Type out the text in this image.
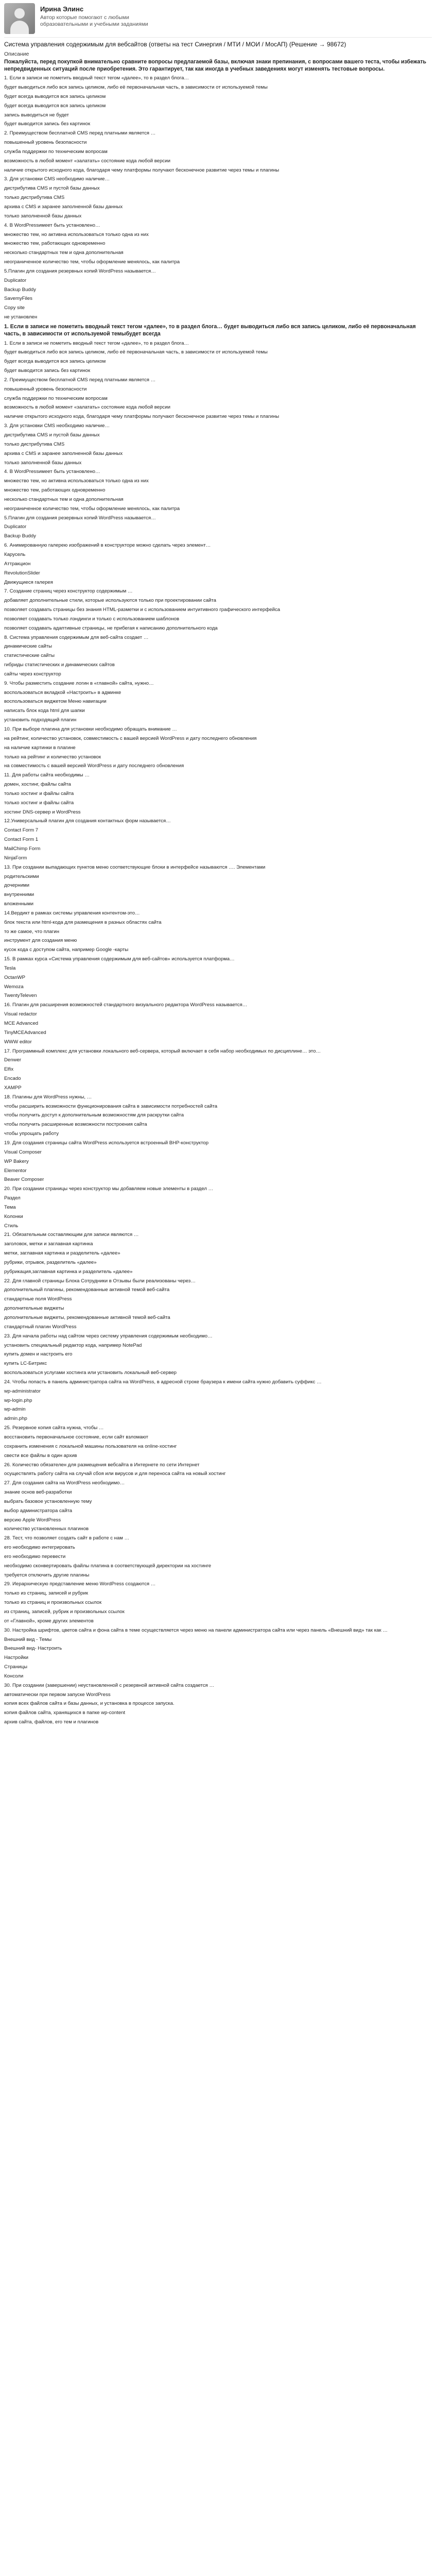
Ирина Элинс
Автор которые помогают с любыми образовательными и учебными заданиями
Система управления содержимым для вебсайтов (ответы на тест Синергия / МТИ / МОИ / МосАП) (Решение → 98672)
Описание

Пожалуйста, перед покупкой внимательно сравните вопросы предлагаемой базы, включая знаки препинания, с вопросами вашего теста, чтобы избежать непредвиденных ситуаций после приобретения. Это гарантирует, так как иногда в учебных заведениях могут изменять тестовые вопросы.

1. Если в записи не пометить вводный текст тегом «далее», то в раздел блога…

будет выводиться либо вся запись целиком, либо её первоначальная часть, в зависимости от используемой темы

будет всегда выводится вся запись целиком

будет всегда выводится вся запись целиком

запись выводиться не будет

будет выводится запись без картинок

2. Преимуществом бесплатной CMS перед платными является …

повышенный уровень безопасности

служба поддержки по техническим вопросам

возможность в любой момент «залатать» состояние кода любой версии

наличие открытого исходного кода, благодаря чему платформы получают бесконечное развитие через темы и плагины

3. Для установки CMS необходимо наличие…

дистрибутива CMS и пустой базы данных

только дистрибутива CMS

архива с CMS и заранее заполненной базы данных

только заполненной базы данных

4. В WordPressимеет быть установлено…

множество тем, но активна использоваться только одна из них

множество тем, работающих одновременно

несколько стандартных тем и одна дополнительная

неограниченное количество тем, чтобы оформление менялось, как палитра

5.Плагин для создания резервных копий WordPress называется…

Duplicator

Backup Buddy

SavemyFiles

Copy site

не установлен

1. Если в записи не пометить вводный текст тегом «далее», то в раздел блога… будет выводиться либо вся запись целиком, либо её первоначальная часть, в зависимости от используемой темыбудет всегда

1. Если в записи не пометить вводный текст тегом «далее», то в раздел блога…

будет выводиться либо вся запись целиком, либо её первоначальная часть, в зависимости от используемой темы

будет всегда выводится вся запись целиком

будет выводится запись без картинок

2. Преимуществом бесплатной CMS перед платными является …

повышенный уровень безопасности

служба поддержки по техническим вопросам

возможность в любой момент «залатать» состояние кода любой версии

наличие открытого исходного кода, благодаря чему платформы получают бесконечное развитие через темы и плагины

3. Для установки CMS необходимо наличие…

дистрибутива CMS и пустой базы данных

только дистрибутива CMS

архива с CMS и заранее заполненной базы данных

только заполненной базы данных

4. В WordPressимеет быть установлено…

множество тем, но активна использоваться только одна из них

множество тем, работающих одновременно

несколько стандартных тем и одна дополнительная

неограниченное количество тем, чтобы оформление менялось, как палитра

5.Плагин для создания резервных копий WordPress называется…

Duplicator

Backup Buddy

6. Анимированную галерею изображений в конструкторе можно сделать через элемент…

Карусель

Аттракцион

RevolutionSlider

Движущиеся галерея

7. Создание страниц через конструктор содержимым …

добавляет дополнительные стили, которые используются только при проектировании сайта

позволяет создавать страницы без знания HTML-разметки и с использованием интуитивного графического интерфейса

позволяет создавать только лэндинги и только с использованием шаблонов

позволяет создавать адаптивные страницы, не прибегая к написанию дополнительного кода

8. Система управления содержимым для веб-сайта создает …

динамические сайты

статистические сайты

гибриды статистических и динамических сайтов

сайты через конструктор

9. Чтобы разместить создание логин в «главной» сайта, нужно…

воспользоваться вкладкой «Настроить» в админке

воспользоваться виджетом Меню навигации

написать блок кода html для шапки

установить подходящий плагин

10. При выборе плагина для установки необходимо обращать внимание …

на рейтинг, количество установок, совместимость с вашей версией WordPress и дату последнего обновления

на наличие картинки в плагине

только на рейтинг и количество установок

на совместимость с вашей версией WordPress и дату последнего обновления

11. Для работы сайта необходимы …

домен, хостинг, файлы сайта

только хостинг и файлы сайта

только хостинг и файлы сайта

хостинг DNS-сервер и WordPress

12.Универсальный плагин для создания контактных форм называется…

Contact Form 7

Contact Form 1

MailChimp Form

NinjaForm

13. При создании выпадающих пунктов меню соответствующие блоки в интерфейсе называются …. Элементами

родительскими

дочерними

внутренними

вложенными

14.Вердикт в рамках системы управления контентом-это…

блок текста или html-кода для размещения в разных областях сайта

то же самое, что плагин

инструмент для создания меню

кусок кода с доступом сайта, например Google -карты

15. В рамках курса «Система управления содержимым для веб-сайтов» используется платформа…

Tesla

OctanWP

Wemoza

TwentyTeleven

16. Плагин для расширения возможностей стандартного визуального редактора WordPress называется…

Visual redactor

MCE Advanced

TinyMCEAdvanced

WWW editor

17. Программный комплекс для установки локального веб-сервера, который включает в себя набор необходимых по дисциплине… это…

Denwer

Elfix

Encado

XAMPP

18. Плагины для WordPress нужны, …

чтобы расширить возможности функционирования сайта в зависимости потребностей сайта

чтобы получить доступ к дополнительным возможностям для раскрутки сайта

чтобы получить расширенные возможности построения сайта

чтобы упрощать работу

19. Для создания страницы сайта WordPress используется встроенный ВНР-конструктор

Visual Composer

WP Bakery

Elementor

Beaver Composer

20. При создании страницы через конструктор мы добавляем новые элементы в раздел …

Раздел

Тема

Колонки

Стиль

21. Обязательным составляющим для записи являются …

заголовок, метки и заглавная картинка

метки, заглавная картинка и разделитель «далее»

рубрики, отрывок, разделитель «далее»

рубрикация,заглавная картинка и разделитель «далее»

22. Для главной страницы Блока Сотрудники в Отзывы были реализованы через…

дополнительный плагины, рекомендованные активной темой веб-сайта

стандартные поля WordPress

дополнительные виджеты

дополнительные виджеты, рекомендованные активной темой веб-сайта

стандартный плагин WordPress

23. Для начала работы над сайтом через систему управления содержимым необходимо…

установить специальный редактор кода, например NotePad

купить домен и настроить его

купить LC-Битрикс

воспользоваться услугами хостинга или установить локальный веб-сервер

24. Чтобы попасть в панель администратора сайта на WordPress, в адресной строке браузера к имени сайта нужно добавить суффикс …

wp-administrator

wp-login.php

wp-admin

admin.php

25. Резервное копия сайта нужна, чтобы …

восстановить первоначальное состояние, если сайт взломают

сохранить изменения с локальной машины пользователя на online-хостинг

свести все файлы в один архив

26. Количество обязателен для размещения вебсайта в Интернете по сети Интернет

осуществлять работу сайта на случай сбоя или вирусов и для переноса сайта на новый хостинг

27. Для создания сайта на WordPress необходимо…

знание основ веб-разработки

выбрать базовое установленную тему

выбор администратора сайта

версию Apple WordPress

количество установленных плагинов

28. Тест, что позволяет создать сайт в работе с нам …

его необходимо интегрировать

его необходимо перевести

необходимо сконвертировать файлы платина в соответствующей директории на хостинге

требуется отключить другие плагины

29. Иерархическую представление меню WordPress создаются …

только из страниц, записей и рубрик

только из страниц и произвольных ссылок

из страниц, записей, рубрик и произвольных ссылок

от «Главной», кроме других элементов

30. Настройка шрифтов, цветов сайта и фона сайта в теме осуществляется через меню на панели администратора сайта или через панель «Внешний вид» так как …

Внешний вид - Темы

Внешний вид- Настроить

Настройки

Страницы

Консоли

30. При создании (завершении) неустановленной с резервной активной сайта создается …

автоматически при первом запуске WordPress

копия всех файлов сайта и базы данных, и установка в процессе запуска.

копия файлов сайта, хранящихся в папке wp-content

архив сайта, файлов, его тем и плагинов
